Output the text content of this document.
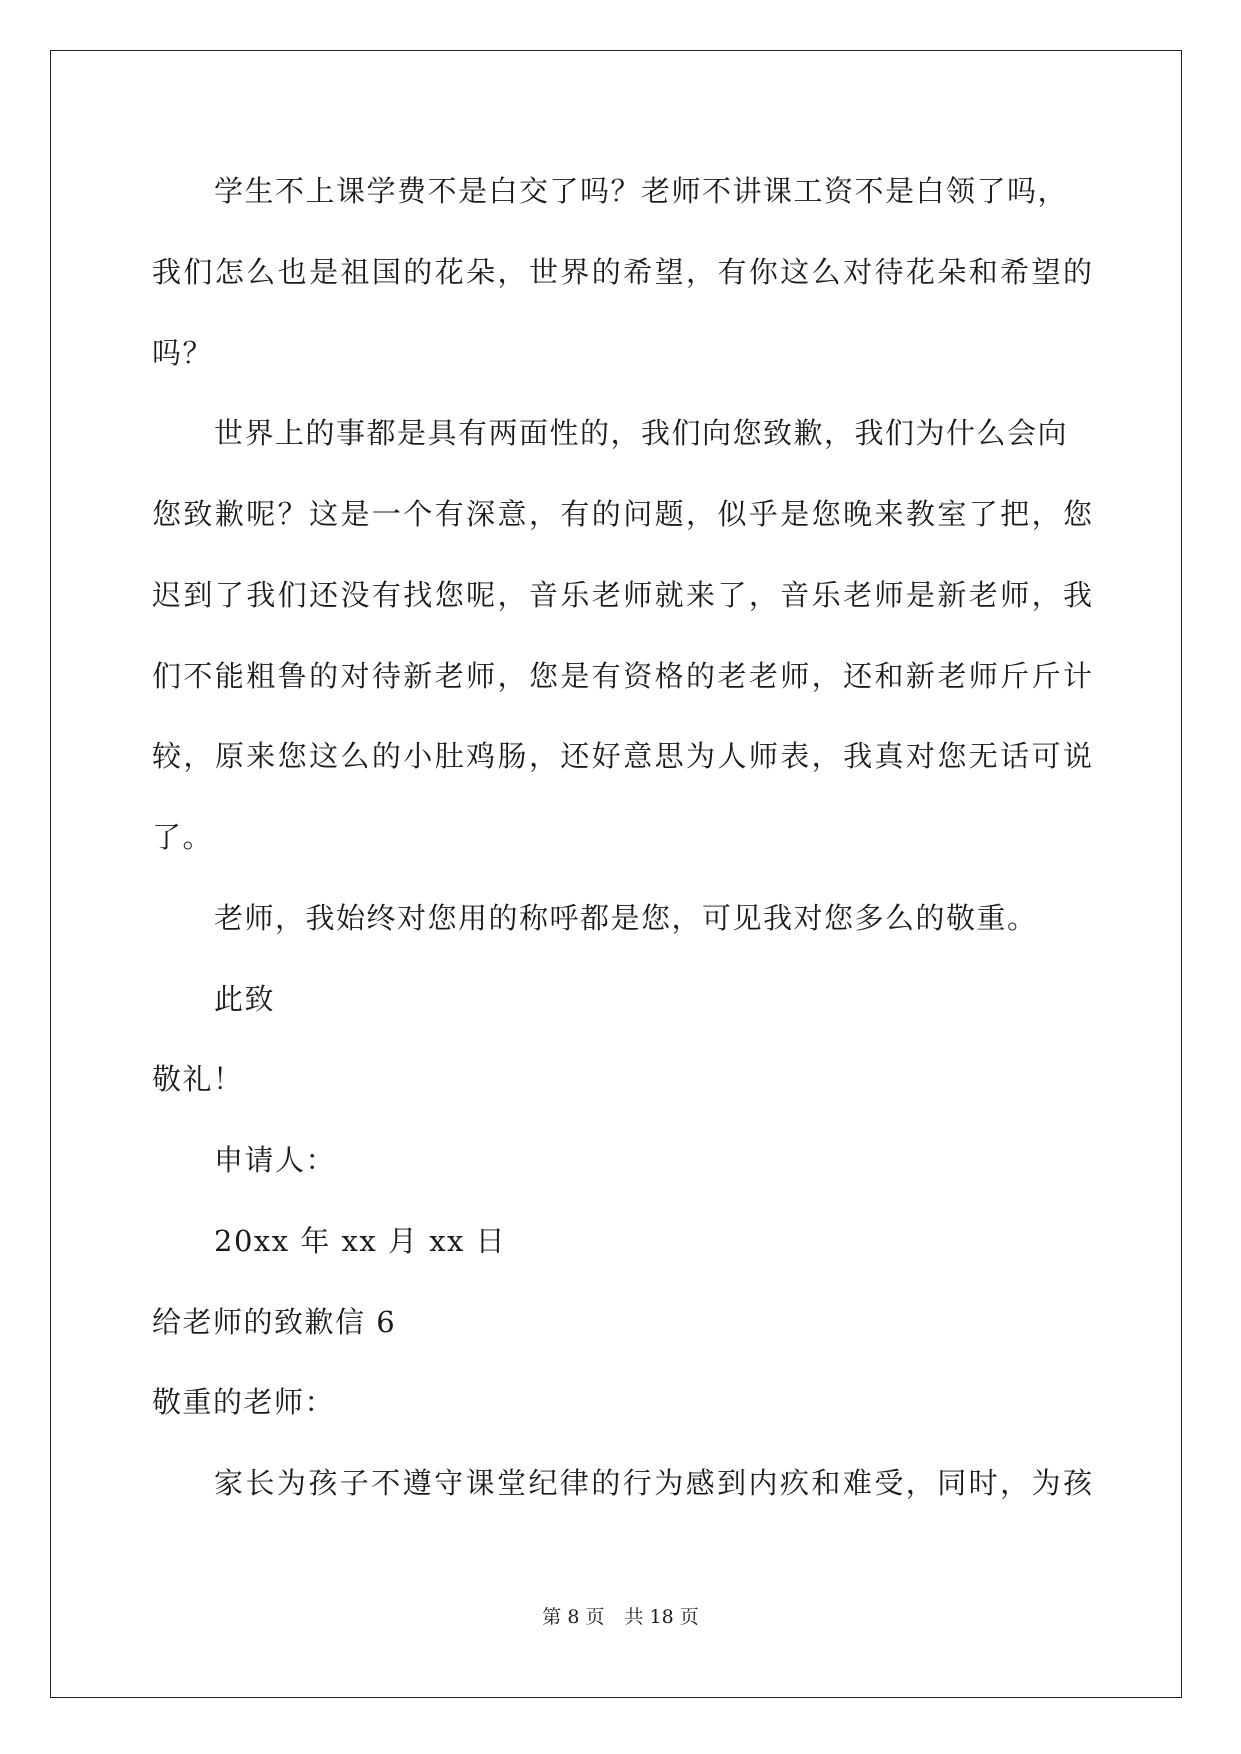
学生不上课学费不是白交了吗？老师不讲课工资不是白领了吗，
我们怎么也是祖国的花朵，世界的希望，有你这么对待花朵和希望的
吗？
世界上的事都是具有两面性的，我们向您致歉，我们为什么会向
您致歉呢？这是一个有深意，有的问题，似乎是您晚来教室了把，您
迟到了我们还没有找您呢，音乐老师就来了，音乐老师是新老师，我
们不能粗鲁的对待新老师，您是有资格的老老师，还和新老师斤斤计
较，原来您这么的小肚鸡肠，还好意思为人师表，我真对您无话可说
了。
老师，我始终对您用的称呼都是您，可见我对您多么的敬重。
此致
敬礼！
申请人：
20xx 年 xx 月 xx 日
给老师的致歉信 6
敬重的老师：
家长为孩子不遵守课堂纪律的行为感到内疚和难受，同时，为孩
第 8 页 共 18 页
